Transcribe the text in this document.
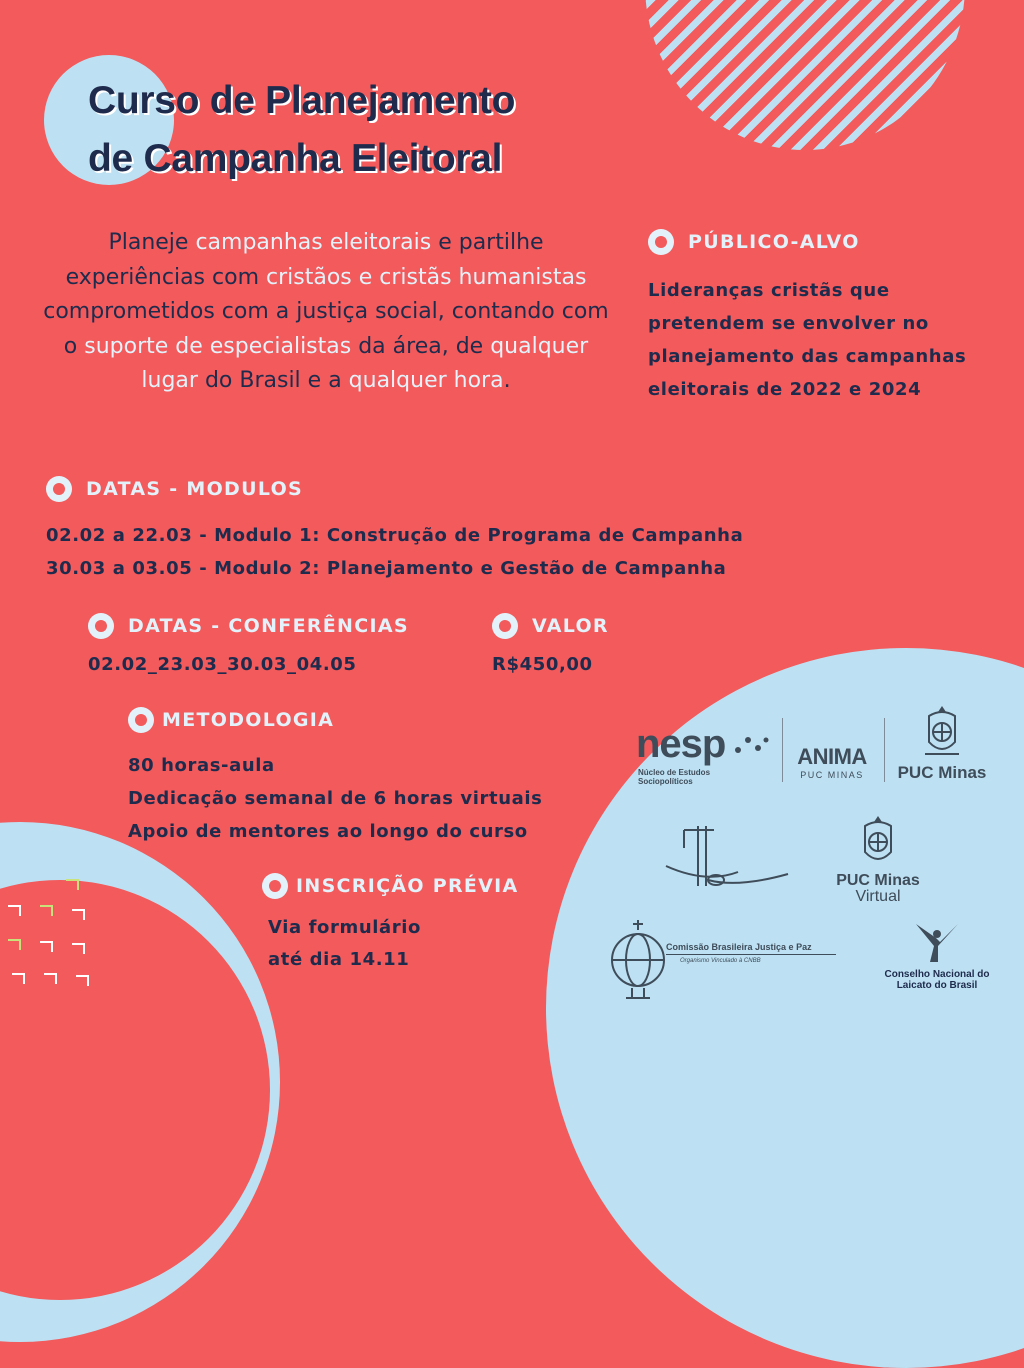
Curso de Planejamento
de Campanha Eleitoral
Planeje campanhas eleitorais e partilhe experiências com cristãos e cristãs humanistas comprometidos com a justiça social, contando com o suporte de especialistas da área, de qualquer lugar do Brasil e a qualquer hora.
PÚBLICO-ALVO
Lideranças cristãs que
pretendem se envolver no
planejamento das campanhas
eleitorais de 2022 e 2024
DATAS - MODULOS
02.02 a 22.03 - Modulo 1: Construção de Programa de Campanha
30.03 a 03.05 - Modulo 2: Planejamento e Gestão de Campanha
DATAS - CONFERÊNCIAS
02.02_23.03_30.03_04.05
VALOR
R$450,00
METODOLOGIA
80 horas-aula
Dedicação semanal de 6 horas virtuais
Apoio de mentores ao longo do curso
INSCRIÇÃO PRÉVIA
Via formulário
até dia 14.11
nesp
Núcleo de Estudos
Sociopolíticos
ANIMA
PUC MINAS	PUC Minas
PUC Minas
Virtual
Comissão Brasileira Justiça e Paz
Organismo Vinculado à CNBB
Conselho Nacional do
Laicato do Brasil
